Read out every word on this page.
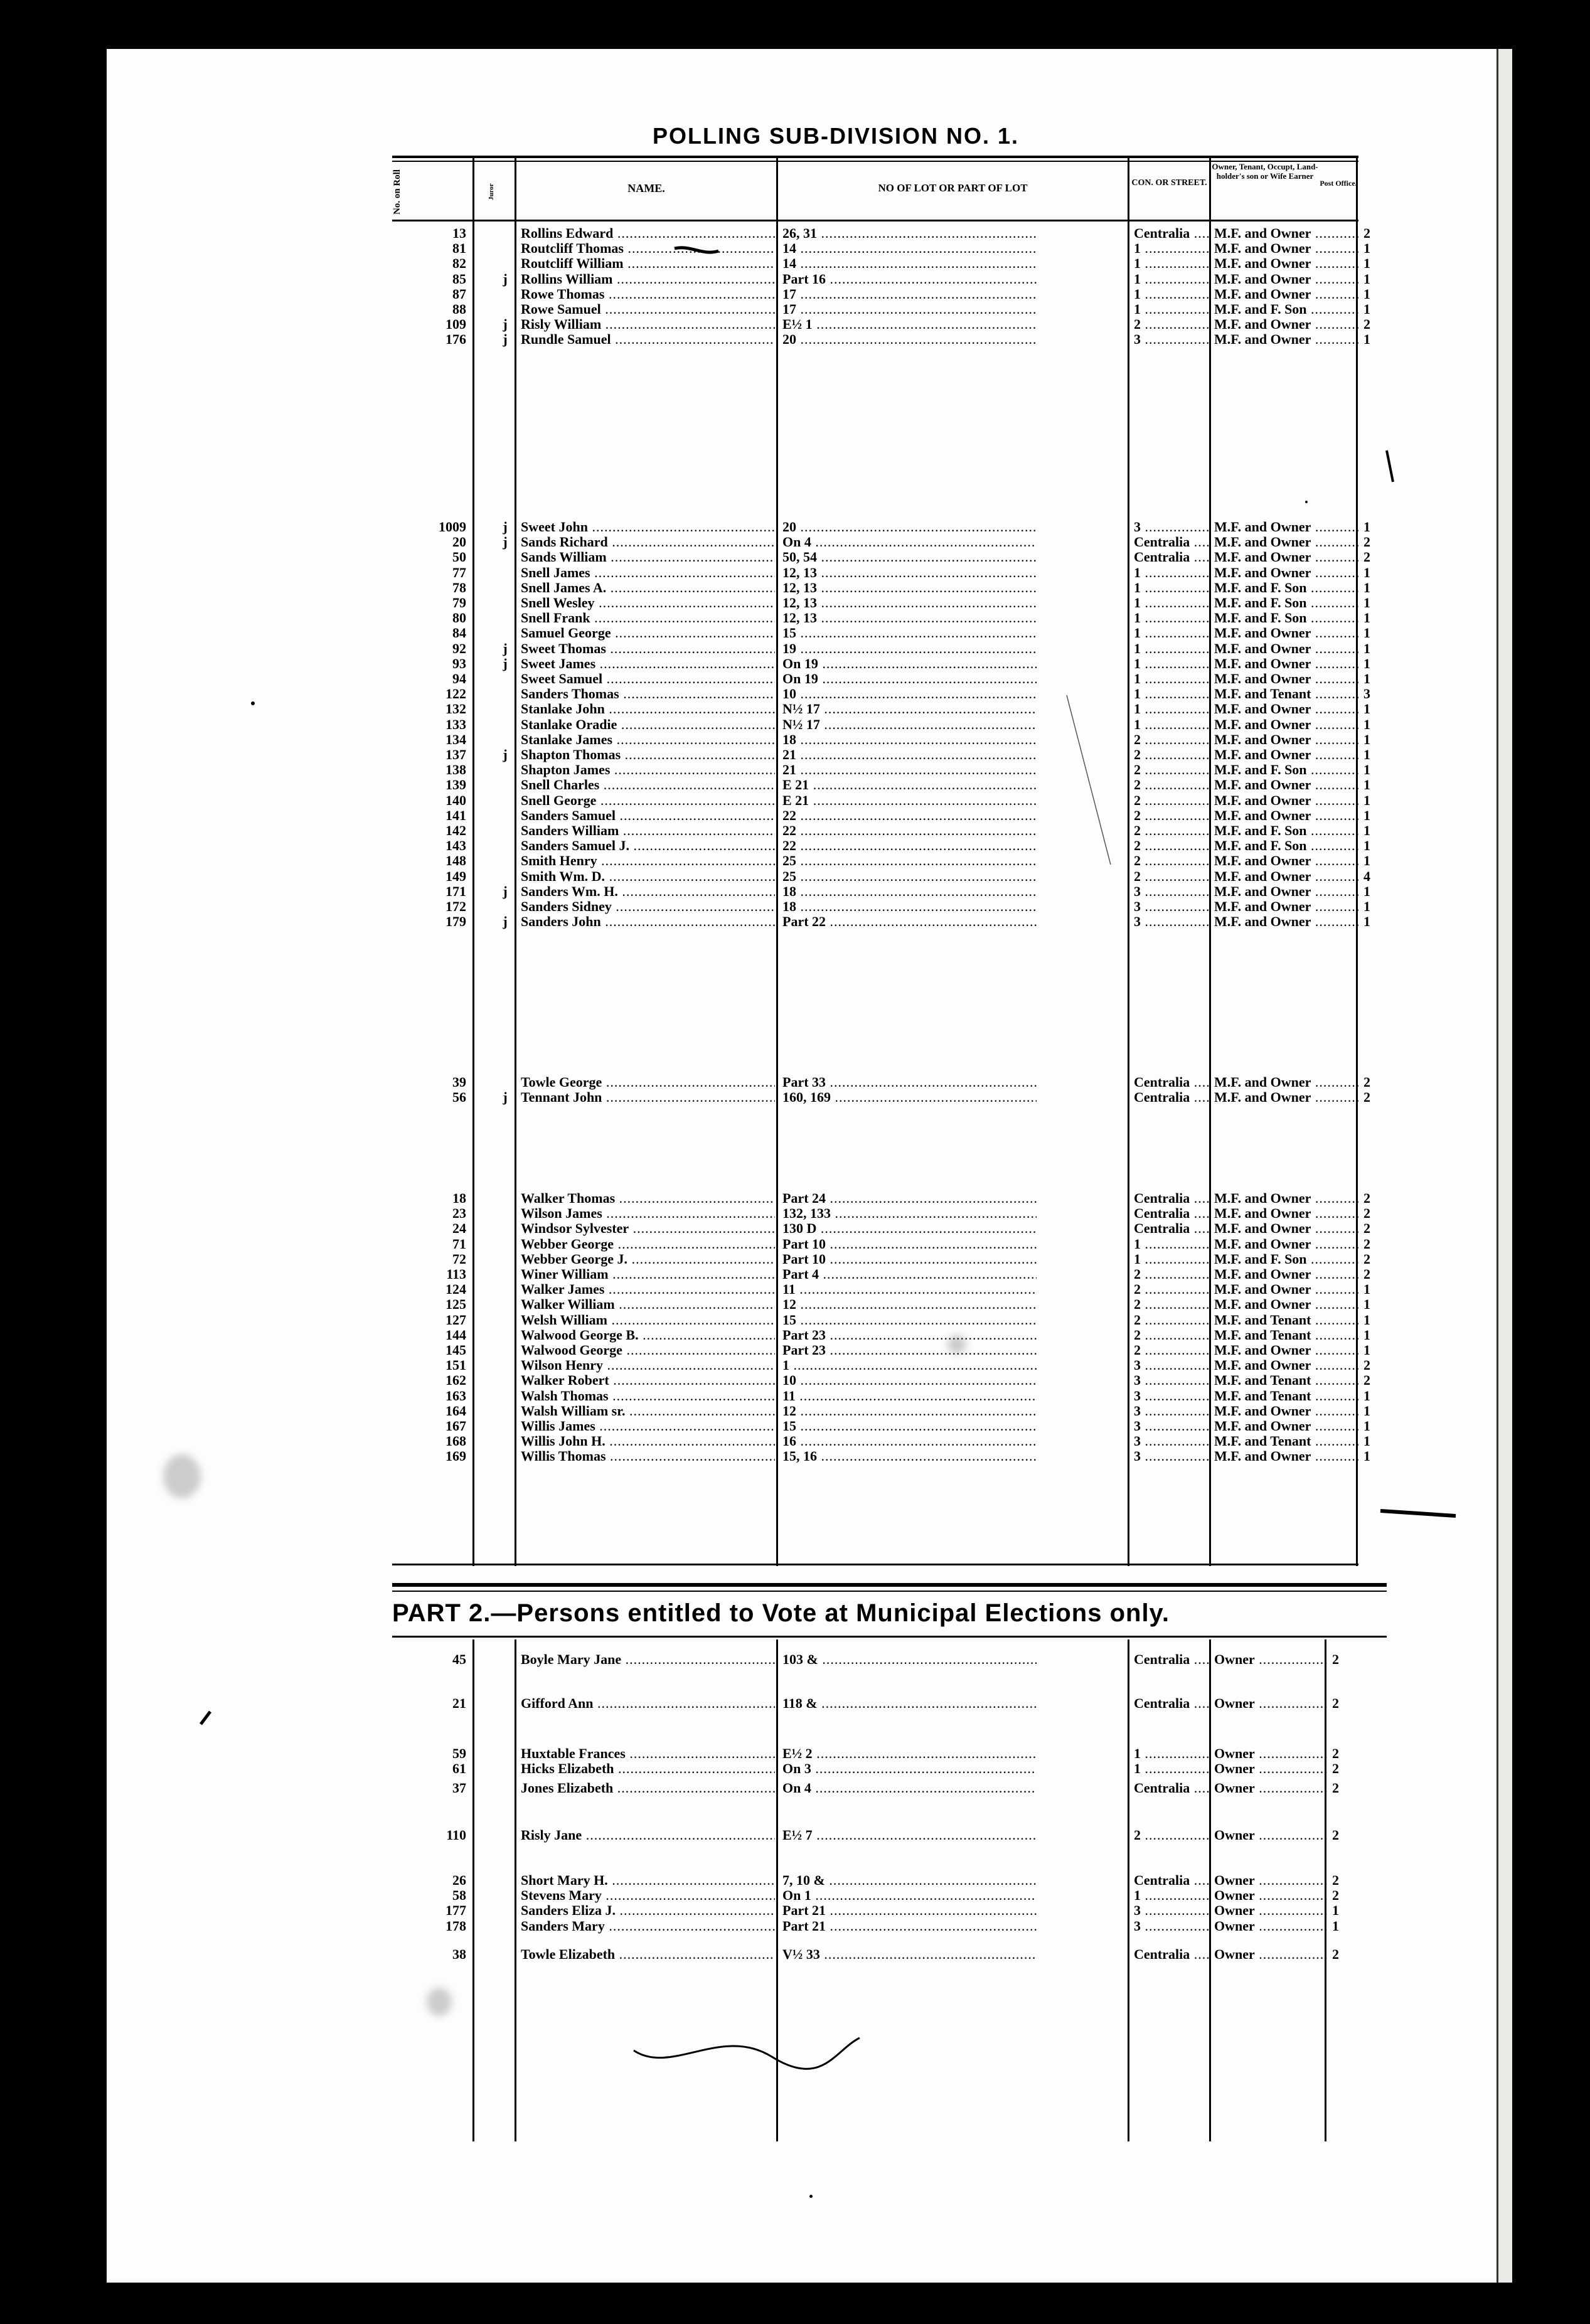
POLLING SUB-DIVISION NO. 1.
No. on Roll	Juror	NAME.	NO OF LOT OR PART OF LOT	CON. OR STREET.
Owner, Tenant, Occupt, Land-holder's son or Wife Earner
Post Office.
13	Rollins Edward .....	26, 31 .....	Centralia .....	M.F. and Owner .....	2
81	Routcliff Thomas .....	14 .....	1 .....	M.F. and Owner .....	1
82	Routcliff William .....	14 .....	1 .....	M.F. and Owner .....	1
85	j Rollins William .....	Part 16 .....	1 .....	M.F. and Owner .....	1
87	Rowe Thomas .....	17 .....	1 .....	M.F. and Owner .....	1
88	Rowe Samuel .....	17 .....	1 .....	M.F. and F. Son .....	1
109	j Risly William .....	E½ 1 .....	2 .....	M.F. and Owner .....	2
176	j Rundle Samuel .....	20 .....	3 .....	M.F. and Owner .....	1
1009	j Sweet John .....	20 .....	3 .....	M.F. and Owner .....	1
20	j Sands Richard .....	On 4 .....	Centralia .....	M.F. and Owner .....	2
50	Sands William .....	50, 54 .....	Centralia .....	M.F. and Owner .....	2
77	Snell James .....	12, 13 .....	1 .....	M.F. and Owner .....	1
78	Snell James A. .....	12, 13 .....	1 .....	M.F. and F. Son .....	1
79	Snell Wesley .....	12, 13 .....	1 .....	M.F. and F. Son .....	1
80	Snell Frank .....	12, 13 .....	1 .....	M.F. and F. Son .....	1
84	Samuel George .....	15 .....	1 .....	M.F. and Owner .....	1
92	j Sweet Thomas .....	19 .....	1 .....	M.F. and Owner .....	1
93	j Sweet James .....	On 19 .....	1 .....	M.F. and Owner .....	1
94	Sweet Samuel .....	On 19 .....	1 .....	M.F. and Owner .....	1
122	Sanders Thomas .....	10 .....	1 .....	M.F. and Tenant .....	3
132	Stanlake John .....	N½ 17 .....	1 .....	M.F. and Owner .....	1
133	Stanlake Oradie .....	N½ 17 .....	1 .....	M.F. and Owner .....	1
134	Stanlake James .....	18 .....	2 .....	M.F. and Owner .....	1
137	j Shapton Thomas .....	21 .....	2 .....	M.F. and Owner .....	1
138	Shapton James .....	21 .....	2 .....	M.F. and F. Son .....	1
139	Snell Charles .....	E 21 .....	2 .....	M.F. and Owner .....	1
140	Snell George .....	E 21 .....	2 .....	M.F. and Owner .....	1
141	Sanders Samuel .....	22 .....	2 .....	M.F. and Owner .....	1
142	Sanders William .....	22 .....	2 .....	M.F. and F. Son .....	1
143	Sanders Samuel J. .....	22 .....	2 .....	M.F. and F. Son .....	1
148	Smith Henry .....	25 .....	2 .....	M.F. and Owner .....	1
149	Smith Wm. D. .....	25 .....	2 .....	M.F. and Owner .....	4
171	j Sanders Wm. H. .....	18 .....	3 .....	M.F. and Owner .....	1
172	Sanders Sidney .....	18 .....	3 .....	M.F. and Owner .....	1
179	j Sanders John .....	Part 22 .....	3 .....	M.F. and Owner .....	1
39	Towle George .....	Part 33 .....	Centralia .....	M.F. and Owner .....	2
56	j Tennant John .....	160, 169 .....	Centralia .....	M.F. and Owner .....	2
18	Walker Thomas .....	Part 24 .....	Centralia .....	M.F. and Owner .....	2
23	Wilson James .....	132, 133 .....	Centralia .....	M.F. and Owner .....	2
24	Windsor Sylvester .....	130 D .....	Centralia .....	M.F. and Owner .....	2
71	Webber George .....	Part 10 .....	1 .....	M.F. and Owner .....	2
72	Webber George J. .....	Part 10 .....	1 .....	M.F. and F. Son .....	2
113	Winer William .....	Part 4 .....	2 .....	M.F. and Owner .....	2
124	Walker James .....	11 .....	2 .....	M.F. and Owner .....	1
125	Walker William .....	12 .....	2 .....	M.F. and Owner .....	1
127	Welsh William .....	15 .....	2 .....	M.F. and Tenant .....	1
144	Walwood George B. .....	Part 23 .....	2 .....	M.F. and Tenant .....	1
145	Walwood George .....	Part 23 .....	2 .....	M.F. and Owner .....	1
151	Wilson Henry .....	1 .....	3 .....	M.F. and Owner .....	2
162	Walker Robert .....	10 .....	3 .....	M.F. and Tenant .....	2
163	Walsh Thomas .....	11 .....	3 .....	M.F. and Tenant .....	1
164	Walsh William sr. .....	12 .....	3 .....	M.F. and Owner .....	1
167	Willis James .....	15 .....	3 .....	M.F. and Owner .....	1
168	Willis John H. .....	16 .....	3 .....	M.F. and Tenant .....	1
169	Willis Thomas .....	15, 16 .....	3 .....	M.F. and Owner .....	1
PART 2.—Persons entitled to Vote at Municipal Elections only.
45	Boyle Mary Jane .....	103 & .....	Centralia .....	Owner .....	2
21	Gifford Ann .....	118 & .....	Centralia .....	Owner .....	2
59	Huxtable Frances .....	E½ 2 .....	1 .....	Owner .....	2
61	Hicks Elizabeth .....	On 3 .....	1 .....	Owner .....	2
37	Jones Elizabeth .....	On 4 .....	Centralia .....	Owner .....	2
110	Risly Jane .....	E½ 7 .....	2 .....	Owner .....	2
26	Short Mary H. .....	7, 10 & .....	Centralia .....	Owner .....	2
58	Stevens Mary .....	On 1 .....	1 .....	Owner .....	2
177	Sanders Eliza J. .....	Part 21 .....	3 .....	Owner .....	1
178	Sanders Mary .....	Part 21 .....	3 .....	Owner .....	1
38	Towle Elizabeth .....	V½ 33 .....	Centralia .....	Owner .....	2
